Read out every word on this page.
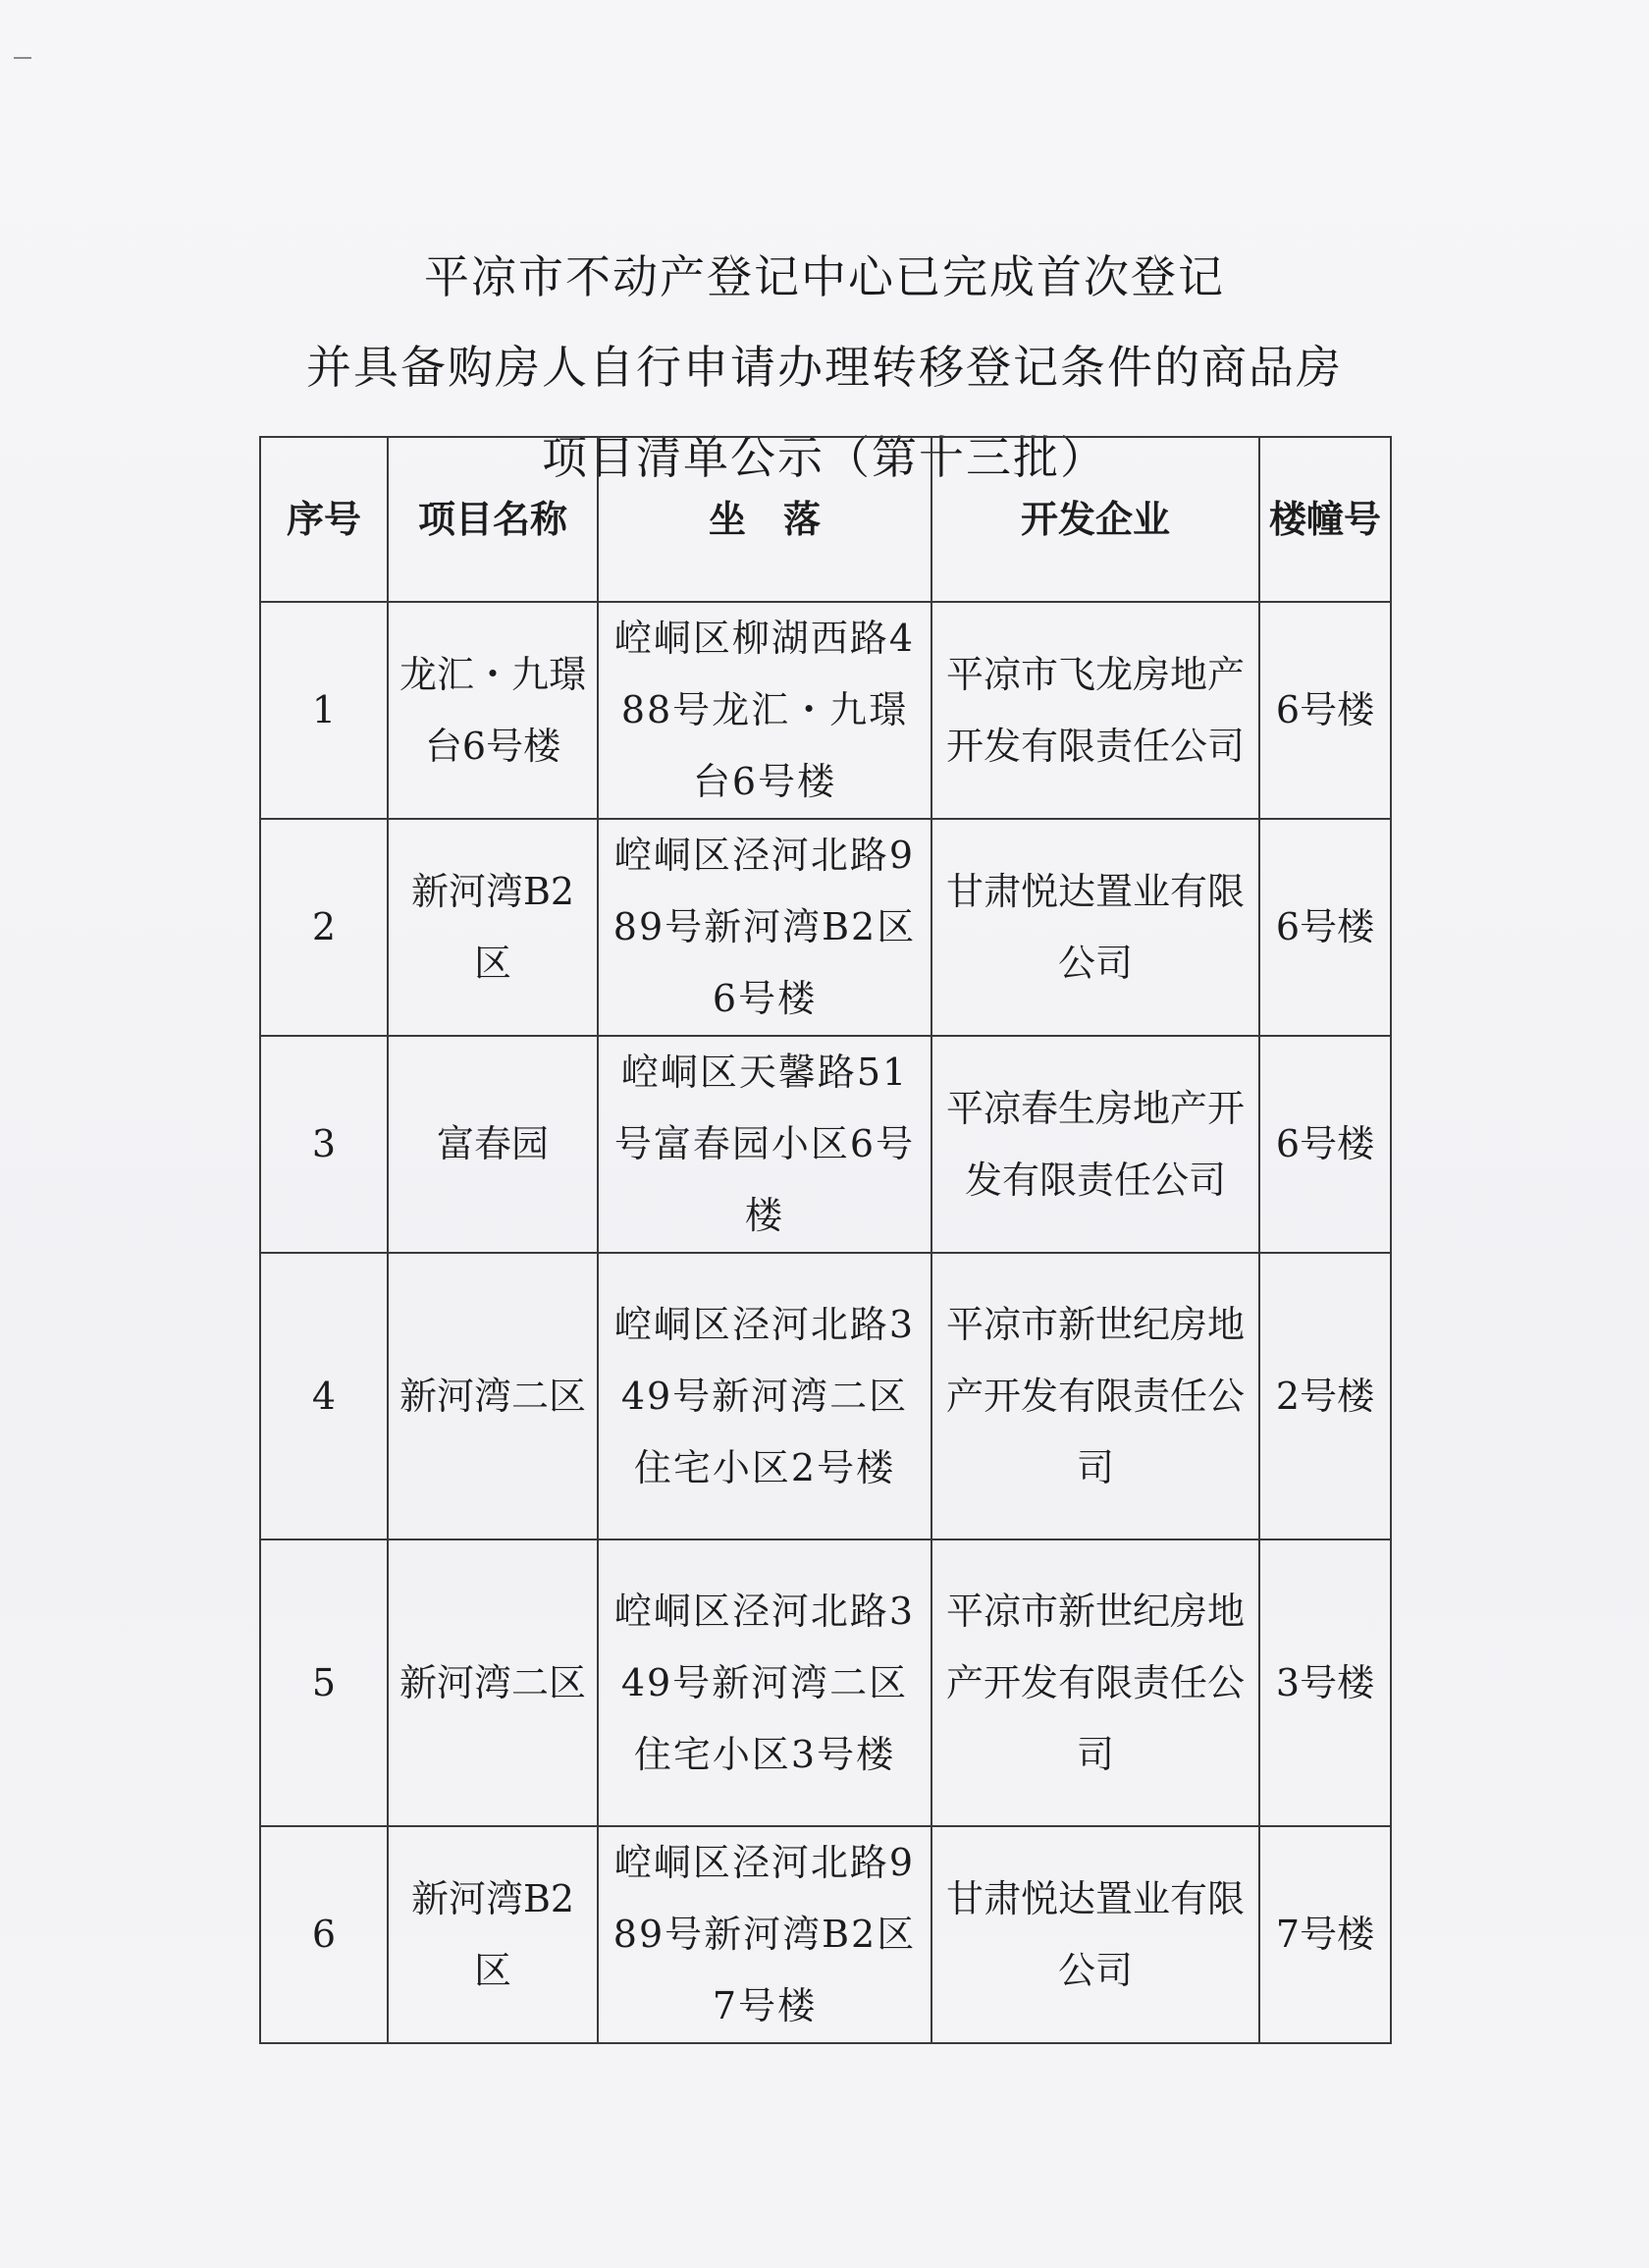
平凉市不动产登记中心已完成首次登记
并具备购房人自行申请办理转移登记条件的商品房
项目清单公示（第十三批）
序号	项目名称	坐　落	开发企业	楼幢号
1	龙汇・九璟台6号楼	崆峒区柳湖西路488号龙汇・九璟台6号楼	平凉市飞龙房地产开发有限责任公司	6号楼
2	新河湾B2区	崆峒区泾河北路989号新河湾B2区6号楼	甘肃悦达置业有限公司	6号楼
3	富春园	崆峒区天馨路51号富春园小区6号楼	平凉春生房地产开发有限责任公司	6号楼
4	新河湾二区	崆峒区泾河北路349号新河湾二区住宅小区2号楼	平凉市新世纪房地产开发有限责任公司	2号楼
5	新河湾二区	崆峒区泾河北路349号新河湾二区住宅小区3号楼	平凉市新世纪房地产开发有限责任公司	3号楼
6	新河湾B2区	崆峒区泾河北路989号新河湾B2区7号楼	甘肃悦达置业有限公司	7号楼
